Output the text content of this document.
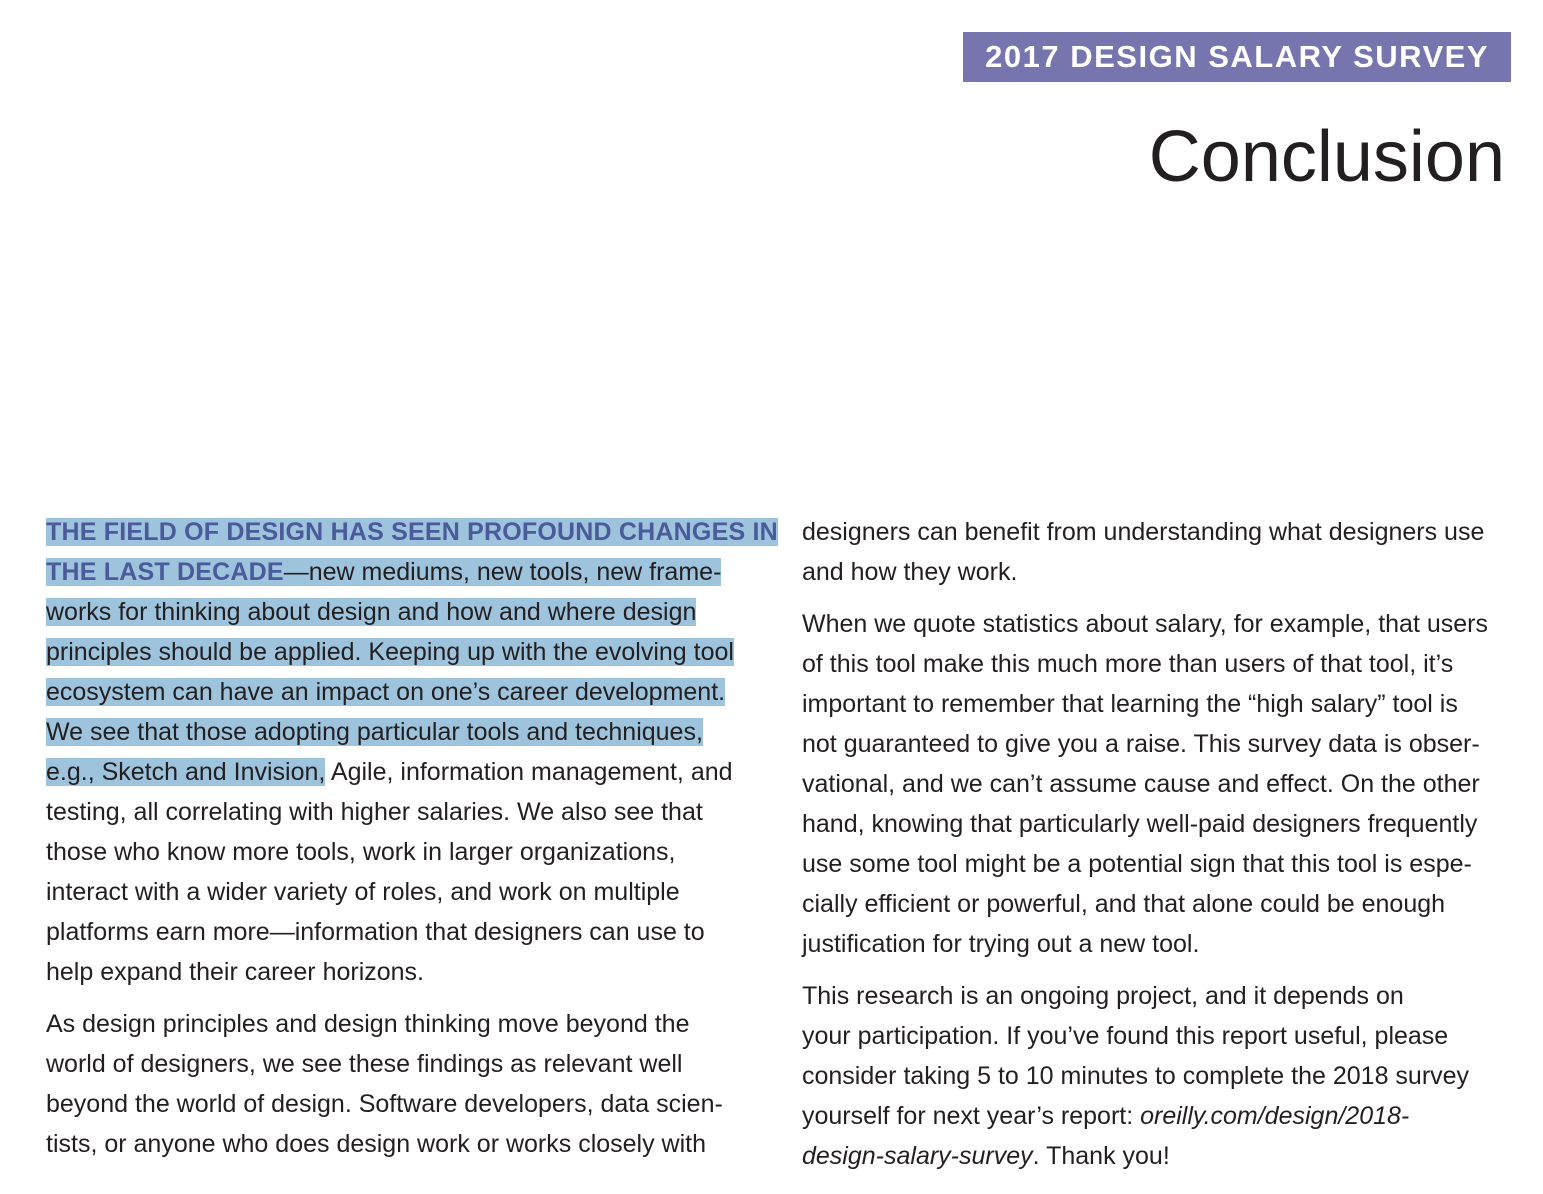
2017 DESIGN SALARY SURVEY
Conclusion

THE FIELD OF DESIGN HAS SEEN PROFOUND CHANGES IN
THE LAST DECADE—new mediums, new tools, new frame-
works for thinking about design and how and where design
principles should be applied. Keeping up with the evolving tool
ecosystem can have an impact on one’s career development.
We see that those adopting particular tools and techniques,
e.g., Sketch and Invision, Agile, information management, and
testing, all correlating with higher salaries. We also see that
those who know more tools, work in larger organizations,
interact with a wider variety of roles, and work on multiple
platforms earn more—information that designers can use to
help expand their career horizons.

As design principles and design thinking move beyond the
world of designers, we see these findings as relevant well
beyond the world of design. Software developers, data scien-
tists, or anyone who does design work or works closely with

designers can benefit from understanding what designers use
and how they work.

When we quote statistics about salary, for example, that users
of this tool make this much more than users of that tool, it’s
important to remember that learning the “high salary” tool is
not guaranteed to give you a raise. This survey data is obser-
vational, and we can’t assume cause and effect. On the other
hand, knowing that particularly well-paid designers frequently
use some tool might be a potential sign that this tool is espe-
cially efficient or powerful, and that alone could be enough
justification for trying out a new tool.

This research is an ongoing project, and it depends on
your participation. If you’ve found this report useful, please
consider taking 5 to 10 minutes to complete the 2018 survey
yourself for next year’s report: oreilly.com/design/2018-
design-salary-survey. Thank you!
